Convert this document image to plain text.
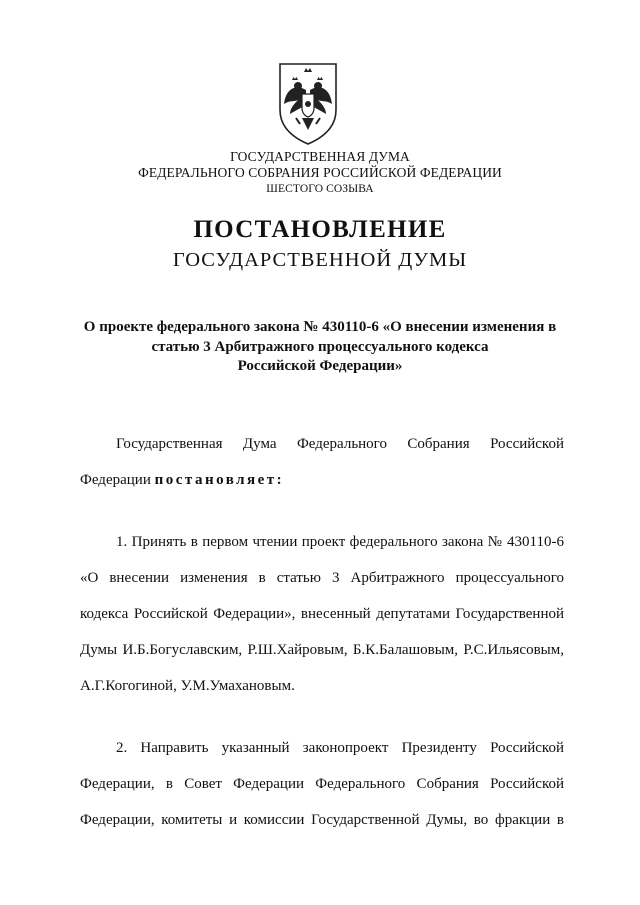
ГОСУДАРСТВЕННАЯ ДУМА
ФЕДЕРАЛЬНОГО СОБРАНИЯ РОССИЙСКОЙ ФЕДЕРАЦИИ
ШЕСТОГО СОЗЫВА
ПОСТАНОВЛЕНИЕ
ГОСУДАРСТВЕННОЙ ДУМЫ
О проекте федерального закона № 430110-6 «О внесении изменения в
статью 3 Арбитражного процессуального кодекса
Российской Федерации»
Государственная Дума Федерального Собрания Российской
Федерации постановляет:
1. Принять в первом чтении проект федерального закона № 430110-6
«О внесении изменения в статью 3 Арбитражного процессуального
кодекса Российской Федерации», внесенный депутатами Государственной
Думы И.Б.Богуславским, Р.Ш.Хайровым, Б.К.Балашовым, Р.С.Ильясовым,
А.Г.Когогиной, У.М.Умахановым.
2. Направить указанный законопроект Президенту Российской
Федерации, в Совет Федерации Федерального Собрания Российской
Федерации, комитеты и комиссии Государственной Думы, во фракции в
